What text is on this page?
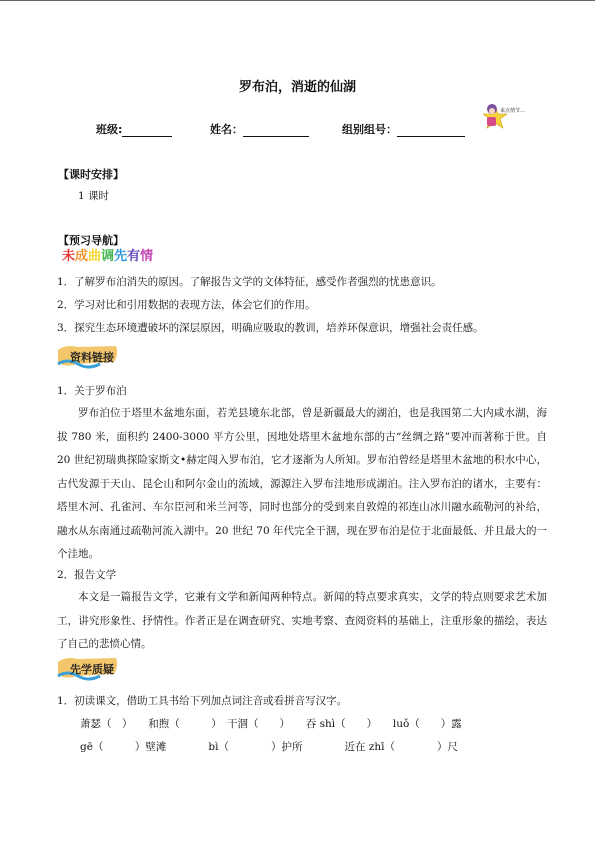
罗布泊，消逝的仙湖
班级:	姓名：	组别组号：
来点情节…
【课时安排】
1 课时
【预习导航】
未成曲调先有情
1．了解罗布泊消失的原因。了解报告文学的文体特征，感受作者强烈的忧患意识。
2．学习对比和引用数据的表现方法，体会它们的作用。
3．探究生态环境遭破坏的深层原因，明确应吸取的教训，培养环保意识，增强社会责任感。
资料链接
1．关于罗布泊
罗布泊位于塔里木盆地东面，若羌县境东北部，曾是新疆最大的湖泊，也是我国第二大内咸水湖，海拔 780 米，面积约 2400-3000 平方公里，因地处塔里木盆地东部的古“丝绸之路”要冲而著称于世。自 20 世纪初瑞典探险家斯文•赫定闯入罗布泊，它才逐渐为人所知。罗布泊曾经是塔里木盆地的积水中心，古代发源于天山、昆仑山和阿尔金山的流域，源源注入罗布洼地形成湖泊。注入罗布泊的诸水，主要有：塔里木河、孔雀河、车尔臣河和米兰河等，同时也部分的受到来自敦煌的祁连山冰川融水疏勒河的补给，融水从东南通过疏勒河流入湖中。20 世纪 70 年代完全干涸，现在罗布泊是位于北面最低、并且最大的一个洼地。
2．报告文学
本文是一篇报告文学，它兼有文学和新闻两种特点。新闻的特点要求真实，文学的特点则要求艺术加工，讲究形象性、抒情性。作者正是在调查研究、实地考察、查阅资料的基础上，注重形象的描绘，表达了自己的悲愤心情。
先学质疑
1．初读课文，借助工具书给下列加点词注音或看拼音写汉字。
萧瑟（　）　　和煦（　　　）　干涸（　　）　　吞 shì（　　）　　luǒ（　　）露
gē（　　　）壁滩　　　　bì（　　　　）护所　　　　近在 zhī（　　　　）尺
